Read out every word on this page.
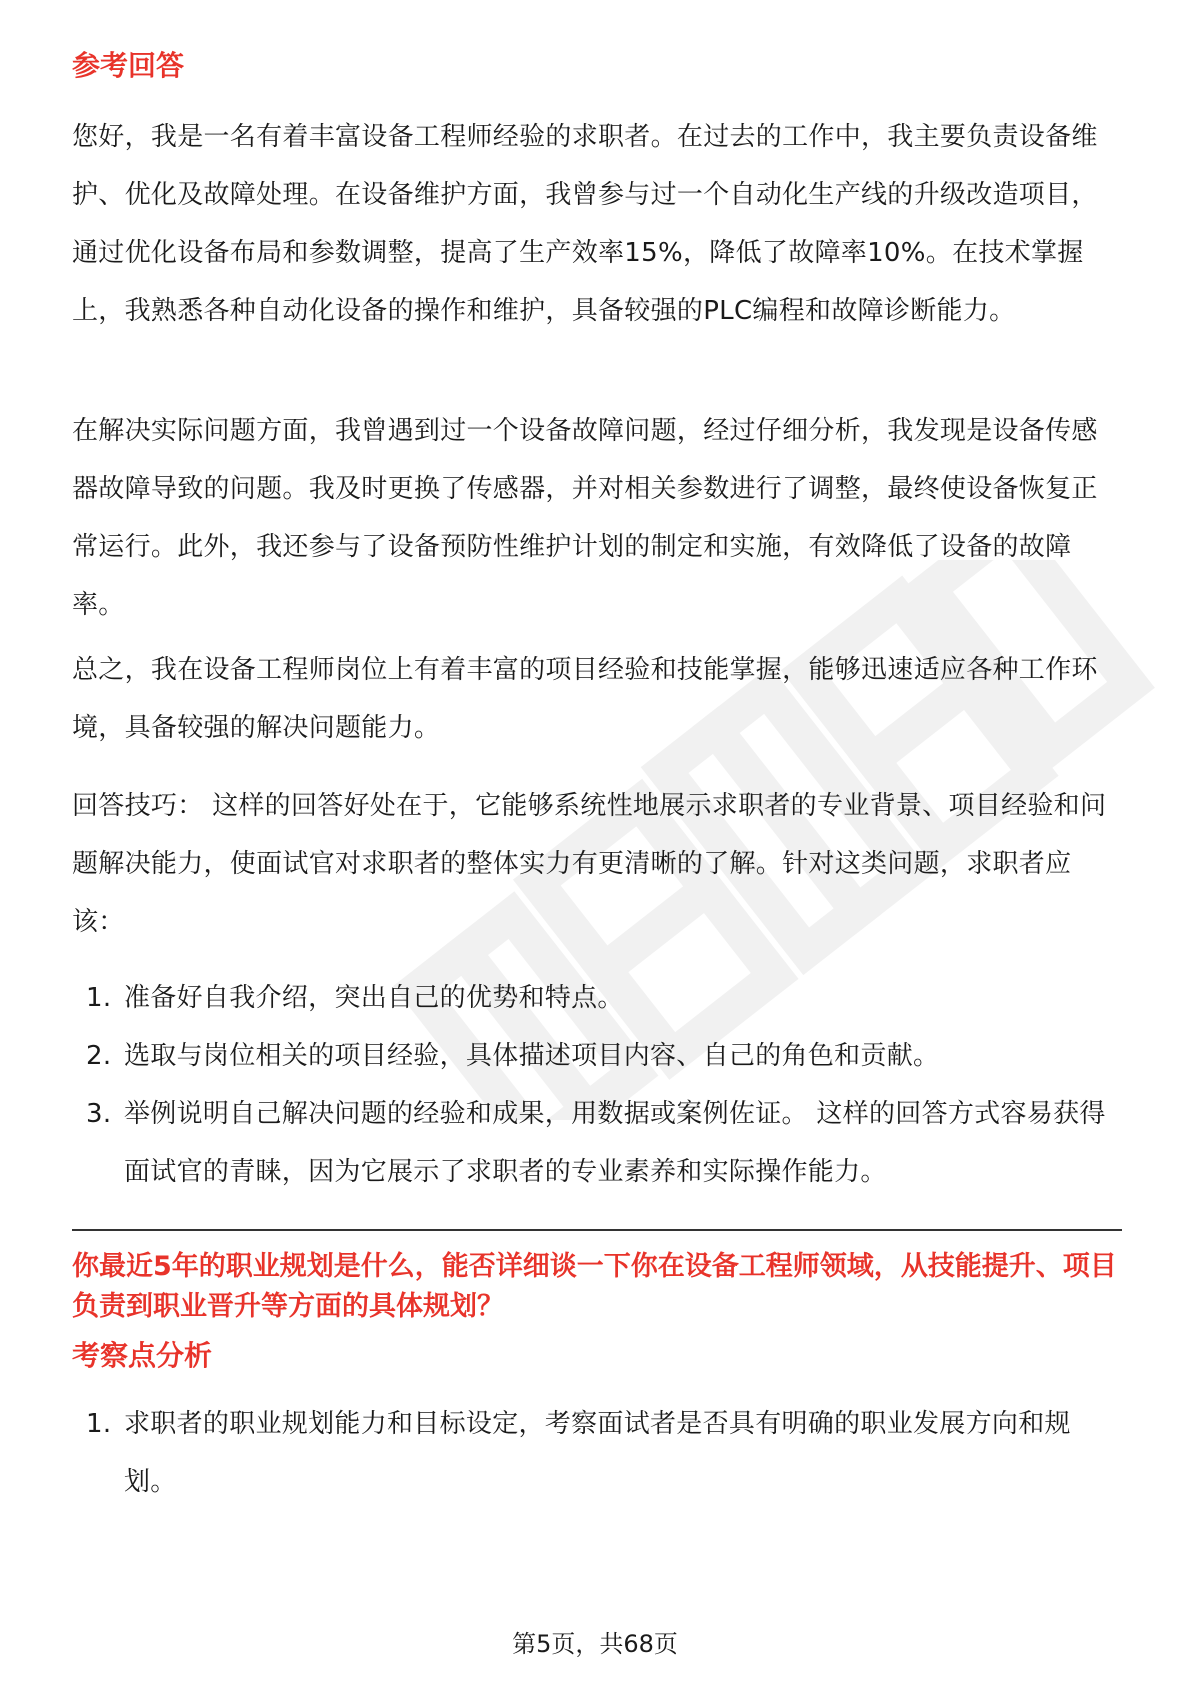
参考回答

您好，我是一名有着丰富设备工程师经验的求职者。在过去的工作中，我主要负责设备维护、优化及故障处理。在设备维护方面，我曾参与过一个自动化生产线的升级改造项目，通过优化设备布局和参数调整，提高了生产效率15%，降低了故障率10%。在技术掌握上，我熟悉各种自动化设备的操作和维护，具备较强的PLC编程和故障诊断能力。

在解决实际问题方面，我曾遇到过一个设备故障问题，经过仔细分析，我发现是设备传感器故障导致的问题。我及时更换了传感器，并对相关参数进行了调整，最终使设备恢复正常运行。此外，我还参与了设备预防性维护计划的制定和实施，有效降低了设备的故障率。

总之，我在设备工程师岗位上有着丰富的项目经验和技能掌握，能够迅速适应各种工作环境，具备较强的解决问题能力。

回答技巧： 这样的回答好处在于，它能够系统性地展示求职者的专业背景、项目经验和问题解决能力，使面试官对求职者的整体实力有更清晰的了解。针对这类问题，求职者应该：

1. 准备好自我介绍，突出自己的优势和特点。
2. 选取与岗位相关的项目经验，具体描述项目内容、自己的角色和贡献。
3. 举例说明自己解决问题的经验和成果，用数据或案例佐证。 这样的回答方式容易获得面试官的青睐，因为它展示了求职者的专业素养和实际操作能力。
你最近5年的职业规划是什么，能否详细谈一下你在设备工程师领域，从技能提升、项目负责到职业晋升等方面的具体规划？
考察点分析
1. 求职者的职业规划能力和目标设定，考察面试者是否具有明确的职业发展方向和规划。
第5页，共68页
